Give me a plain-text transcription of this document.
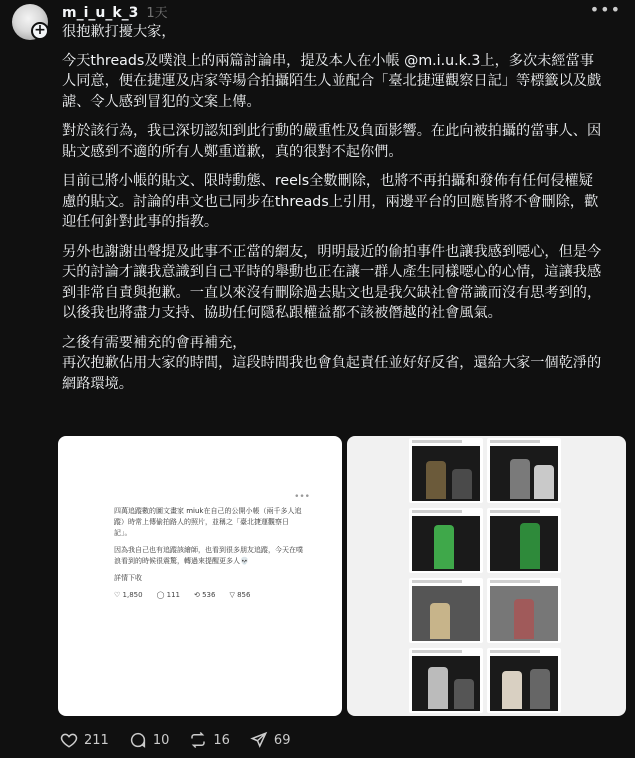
+
m_i_u_k_3 1天	•••

很抱歉打擾大家，

今天threads及噗浪上的兩篇討論串，提及本人在小帳 @m.i.u.k.3上，多次未經當事人同意，便在捷運及店家等場合拍攝陌生人並配合「臺北捷運觀察日記」等標籤以及戲謔、令人感到冒犯的文案上傳。

對於該行為，我已深切認知到此行動的嚴重性及負面影響。在此向被拍攝的當事人、因貼文感到不適的所有人鄭重道歉，真的很對不起你們。

目前已將小帳的貼文、限時動態、reels全數刪除，也將不再拍攝和發佈有任何侵權疑慮的貼文。討論的串文也已同步在threads上引用，兩邊平台的回應皆將不會刪除，歡迎任何針對此事的指教。

另外也謝謝出聲提及此事不正當的網友，明明最近的偷拍事件也讓我感到噁心，但是今天的討論才讓我意識到自己平時的舉動也正在讓一群人產生同樣噁心的心情，這讓我感到非常自責與抱歉。一直以來沒有刪除過去貼文也是我欠缺社會常識而沒有思考到的，以後我也將盡力支持、協助任何隱私跟權益都不該被僭越的社會風氣。

之後有需要補充的會再補充，

再次抱歉佔用大家的時間，這段時間我也會負起責任並好好反省，還給大家一個乾淨的網路環境。

•••

四萬追蹤數的圖文畫家 miuk在自己的公開小帳（兩千多人追蹤）時常上傳偷拍路人的照片，並稱之「臺北捷運觀察日記」。

因為我自己也有追蹤該繪師，也看到很多朋友追蹤，今天在噗浪看到的時候很震驚，轉過來提醒更多人💀

詳情下收

♡ 1,850 ◯ 111 ⟲ 536 ▽ 856
211	10	16	69
